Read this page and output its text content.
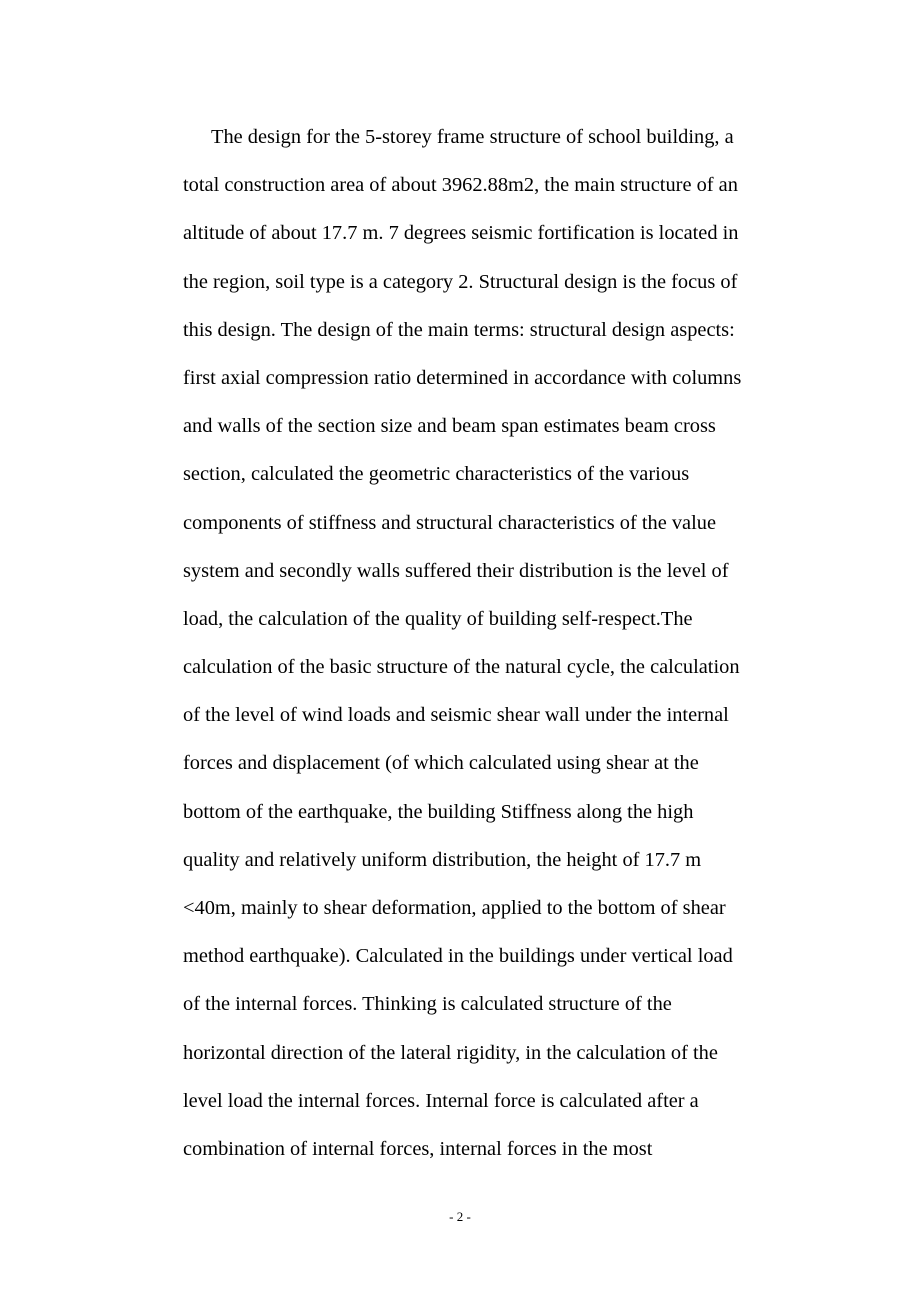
The design for the 5-storey frame structure of school building, a
total construction area of about 3962.88m2, the main structure of an
altitude of about 17.7 m. 7 degrees seismic fortification is located in
the region, soil type is a category 2. Structural design is the focus of
this design. The design of the main terms: structural design aspects:
first axial compression ratio determined in accordance with columns
and walls of the section size and beam span estimates beam cross
section, calculated the geometric characteristics of the various
components of stiffness and structural characteristics of the value
system and secondly walls suffered their distribution is the level of
load, the calculation of the quality of building self-respect.The
calculation of the basic structure of the natural cycle, the calculation
of the level of wind loads and seismic shear wall under the internal
forces and displacement (of which calculated using shear at the
bottom of the earthquake, the building Stiffness along the high
quality and relatively uniform distribution, the height of 17.7 m
<40m, mainly to shear deformation, applied to the bottom of shear
method earthquake). Calculated in the buildings under vertical load
of the internal forces. Thinking is calculated structure of the
horizontal direction of the lateral rigidity, in the calculation of the
level load the internal forces. Internal force is calculated after a
combination of internal forces, internal forces in the most
- 2 -
